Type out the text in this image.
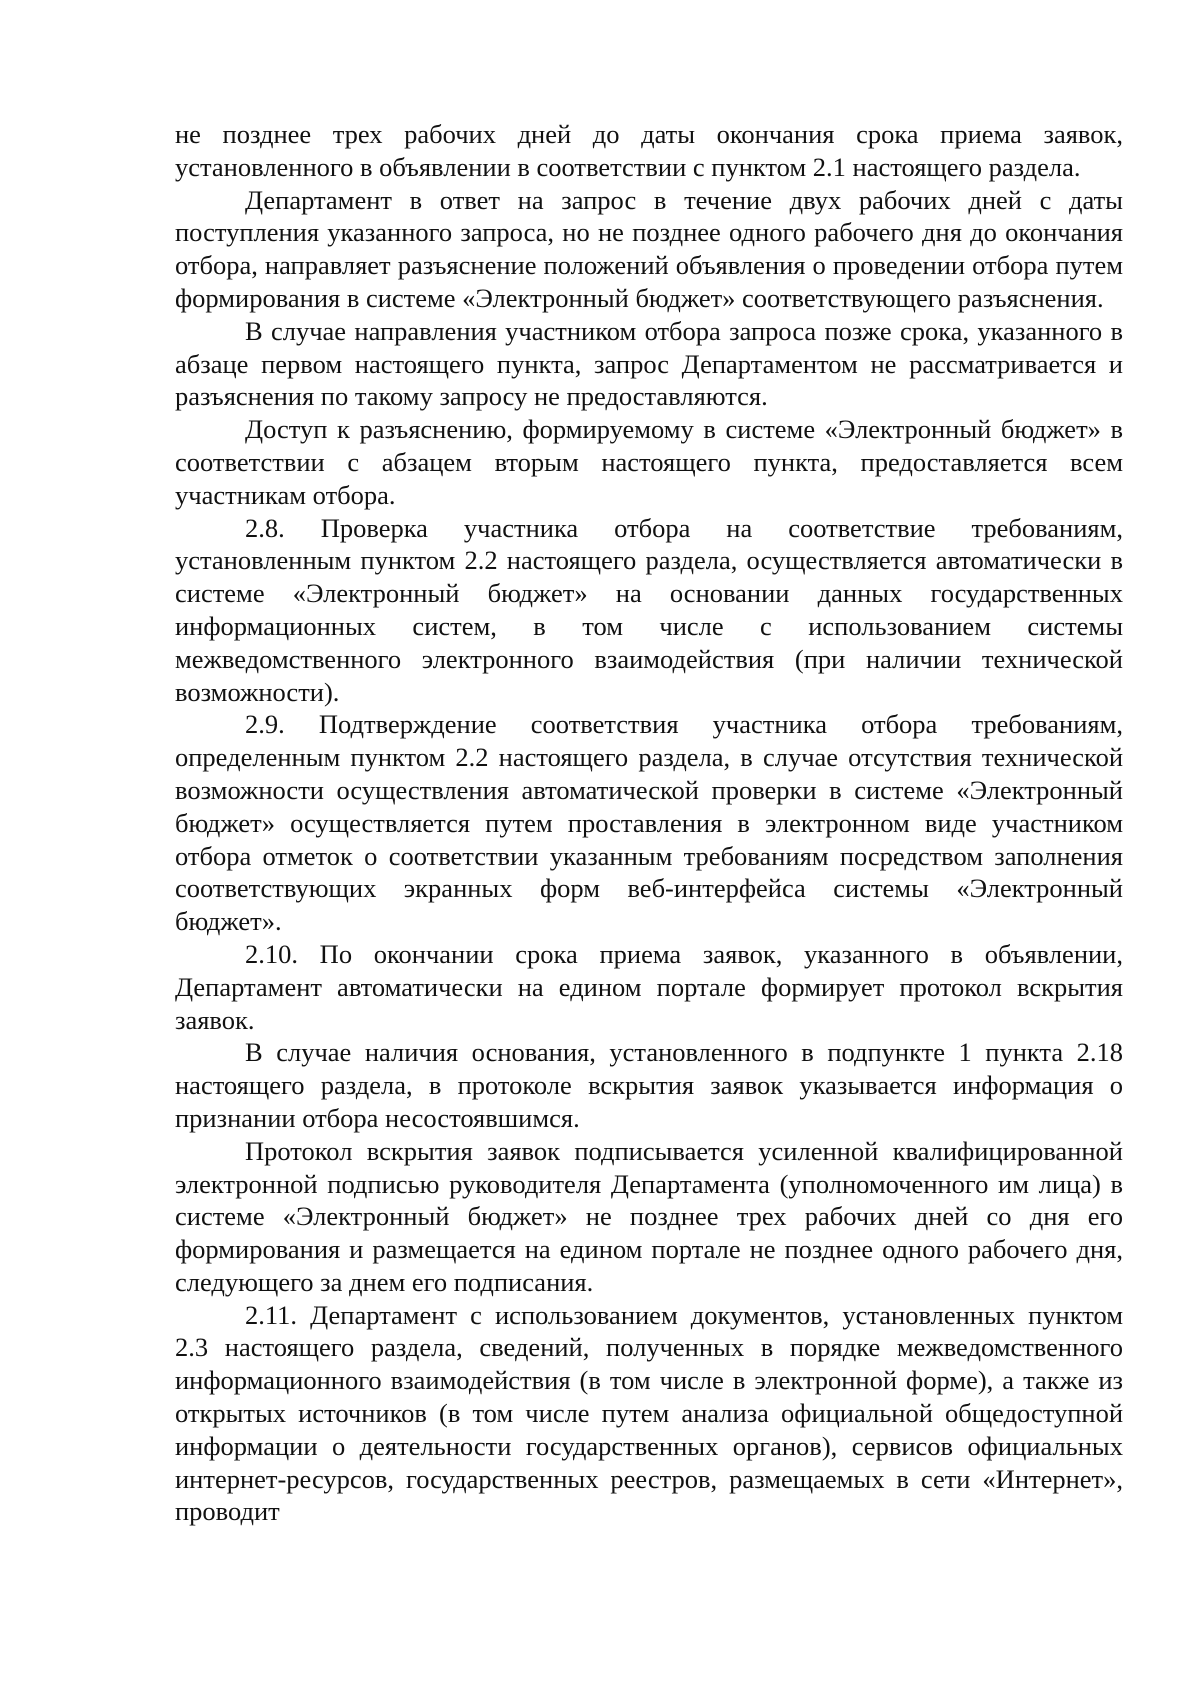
не позднее трех рабочих дней до даты окончания срока приема заявок, установленного в объявлении в соответствии с пунктом 2.1 настоящего раздела.

Департамент в ответ на запрос в течение двух рабочих дней с даты поступления указанного запроса, но не позднее одного рабочего дня до окончания отбора, направляет разъяснение положений объявления о проведении отбора путем формирования в системе «Электронный бюджет» соответствующего разъяснения.

В случае направления участником отбора запроса позже срока, указанного в абзаце первом настоящего пункта, запрос Департаментом не рассматривается и разъяснения по такому запросу не предоставляются.

Доступ к разъяснению, формируемому в системе «Электронный бюджет» в соответствии с абзацем вторым настоящего пункта, предоставляется всем участникам отбора.

2.8. Проверка участника отбора на соответствие требованиям, установленным пунктом 2.2 настоящего раздела, осуществляется автоматически в системе «Электронный бюджет» на основании данных государственных информационных систем, в том числе с использованием системы межведомственного электронного взаимодействия (при наличии технической возможности).

2.9. Подтверждение соответствия участника отбора требованиям, определенным пунктом 2.2 настоящего раздела, в случае отсутствия технической возможности осуществления автоматической проверки в системе «Электронный бюджет» осуществляется путем проставления в электронном виде участником отбора отметок о соответствии указанным требованиям посредством заполнения соответствующих экранных форм веб-интерфейса системы «Электронный бюджет».

2.10. По окончании срока приема заявок, указанного в объявлении, Департамент автоматически на едином портале формирует протокол вскрытия заявок.

В случае наличия основания, установленного в подпункте 1 пункта 2.18 настоящего раздела, в протоколе вскрытия заявок указывается информация о признании отбора несостоявшимся.

Протокол вскрытия заявок подписывается усиленной квалифицированной электронной подписью руководителя Департамента (уполномоченного им лица) в системе «Электронный бюджет» не позднее трех рабочих дней со дня его формирования и размещается на едином портале не позднее одного рабочего дня, следующего за днем его подписания.

2.11. Департамент с использованием документов, установленных пунктом 2.3 настоящего раздела, сведений, полученных в порядке межведомственного информационного взаимодействия (в том числе в электронной форме), а также из открытых источников (в том числе путем анализа официальной общедоступной информации о деятельности государственных органов), сервисов официальных интернет-ресурсов, государственных реестров, размещаемых в сети «Интернет», проводит
